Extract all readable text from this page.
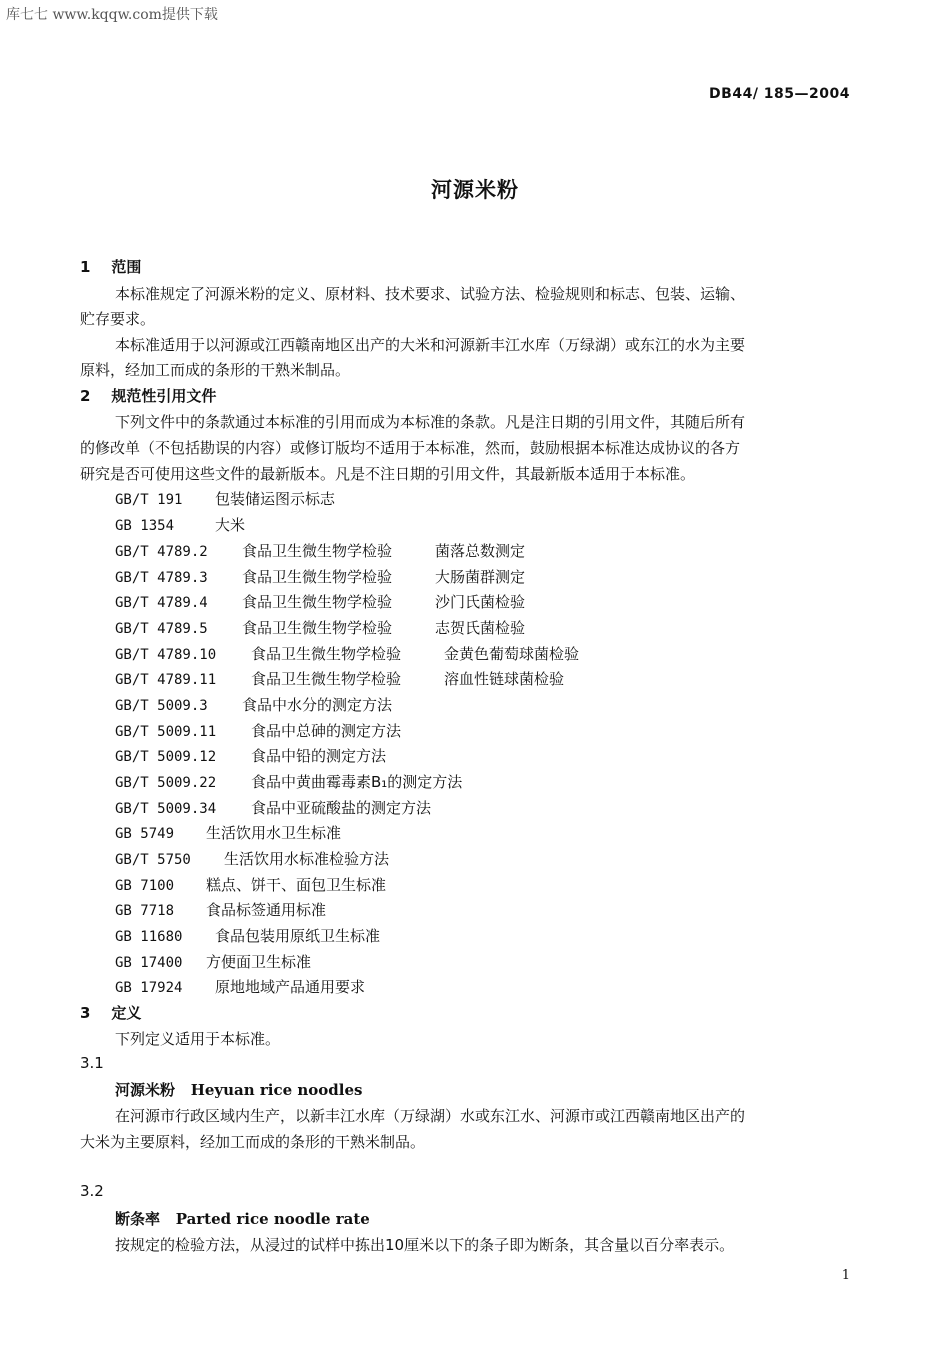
库七七 www.kqqw.com提供下载
DB44/ 185—2004
河源米粉
1 范围
本标准规定了河源米粉的定义、原材料、技术要求、试验方法、检验规则和标志、包装、运输、
贮存要求。
本标准适用于以河源或江西赣南地区出产的大米和河源新丰江水库（万绿湖）或东江的水为主要
原料，经加工而成的条形的干熟米制品。
2 规范性引用文件
下列文件中的条款通过本标准的引用而成为本标准的条款。凡是注日期的引用文件，其随后所有
的修改单（不包括勘误的内容）或修订版均不适用于本标准，然而，鼓励根据本标准达成协议的各方
研究是否可使用这些文件的最新版本。凡是不注日期的引用文件，其最新版本适用于本标准。
GB/T 191 包装储运图示标志
GB 1354	大米
GB/T 4789.2 食品卫生微生物学检验	菌落总数测定
GB/T 4789.3 食品卫生微生物学检验	大肠菌群测定
GB/T 4789.4 食品卫生微生物学检验	沙门氏菌检验
GB/T 4789.5 食品卫生微生物学检验	志贺氏菌检验
GB/T 4789.10 食品卫生微生物学检验	金黄色葡萄球菌检验
GB/T 4789.11 食品卫生微生物学检验	溶血性链球菌检验
GB/T 5009.3 食品中水分的测定方法
GB/T 5009.11 食品中总砷的测定方法
GB/T 5009.12 食品中铅的测定方法
GB/T 5009.22 食品中黄曲霉毒素B₁的测定方法
GB/T 5009.34 食品中亚硫酸盐的测定方法
GB 5749 生活饮用水卫生标准
GB/T 5750 生活饮用水标准检验方法
GB 7100 糕点、饼干、面包卫生标准
GB 7718 食品标签通用标准
GB 11680 食品包装用原纸卫生标准
GB 17400 方便面卫生标准
GB 17924 原地地域产品通用要求
3 定义
下列定义适用于本标准。
3.1
河源米粉 Heyuan rice noodles
在河源市行政区域内生产，以新丰江水库（万绿湖）水或东江水、河源市或江西赣南地区出产的
大米为主要原料，经加工而成的条形的干熟米制品。
3.2
断条率 Parted rice noodle rate
按规定的检验方法，从浸过的试样中拣出10厘米以下的条子即为断条，其含量以百分率表示。
1
